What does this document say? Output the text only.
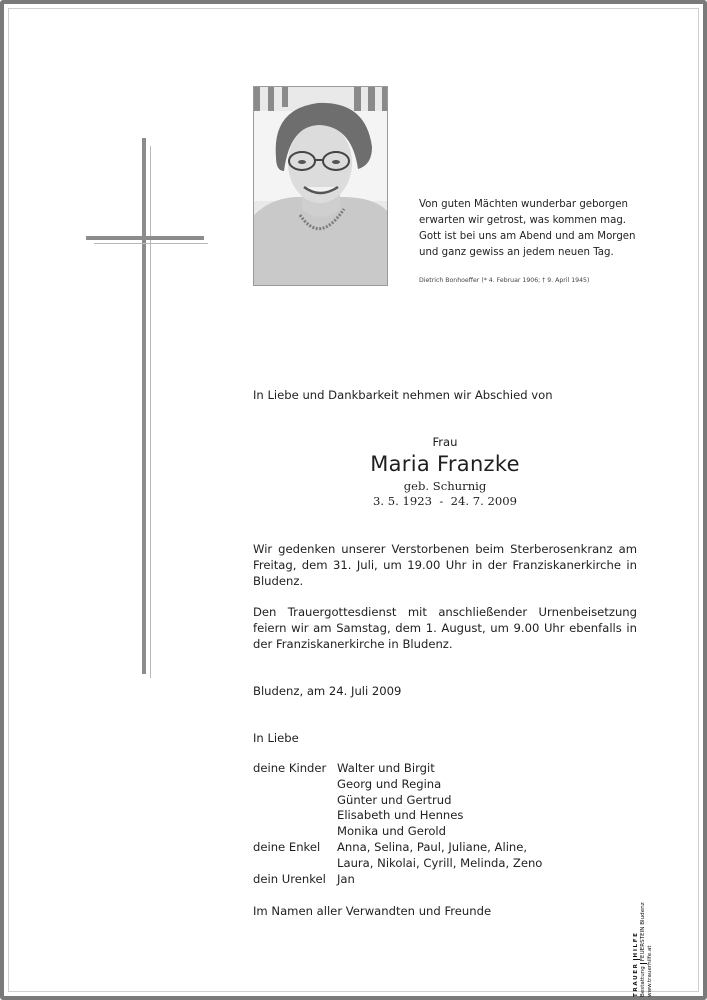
Von guten Mächten wunderbar geborgen
erwarten wir getrost, was kommen mag.
Gott ist bei uns am Abend und am Morgen
und ganz gewiss an jedem neuen Tag.
Dietrich Bonhoeffer (* 4. Februar 1906; † 9. April 1945)
In Liebe und Dankbarkeit nehmen wir Abschied von
Frau
Maria Franzke
geb. Schurnig
3. 5. 1923  -  24. 7. 2009
Wir gedenken unserer Verstorbenen beim Sterberosenkranz am Freitag, dem 31. Juli, um 19.00 Uhr in der Franziskanerkirche in Bludenz.
Den Trauergottesdienst mit anschließender Urnenbeisetzung feiern wir am Samstag, dem 1. August, um 9.00 Uhr ebenfalls in der Franziskanerkirche in Bludenz.
Bludenz, am 24. Juli 2009
In Liebe
deine Kinder Walter und Birgit
Georg und Regina
Günter und Gertrud
Elisabeth und Hennes
Monika und Gerold
deine Enkel	Anna, Selina, Paul, Juliane, Aline,
Laura, Nikolai, Cyrill, Melinda, Zeno
dein Urenkel Jan
Im Namen aller Verwandten und Freunde
TRAUER
HILFE
Bestattung
FEUERSTEIN Bludenz
www.trauerhilfe.at
